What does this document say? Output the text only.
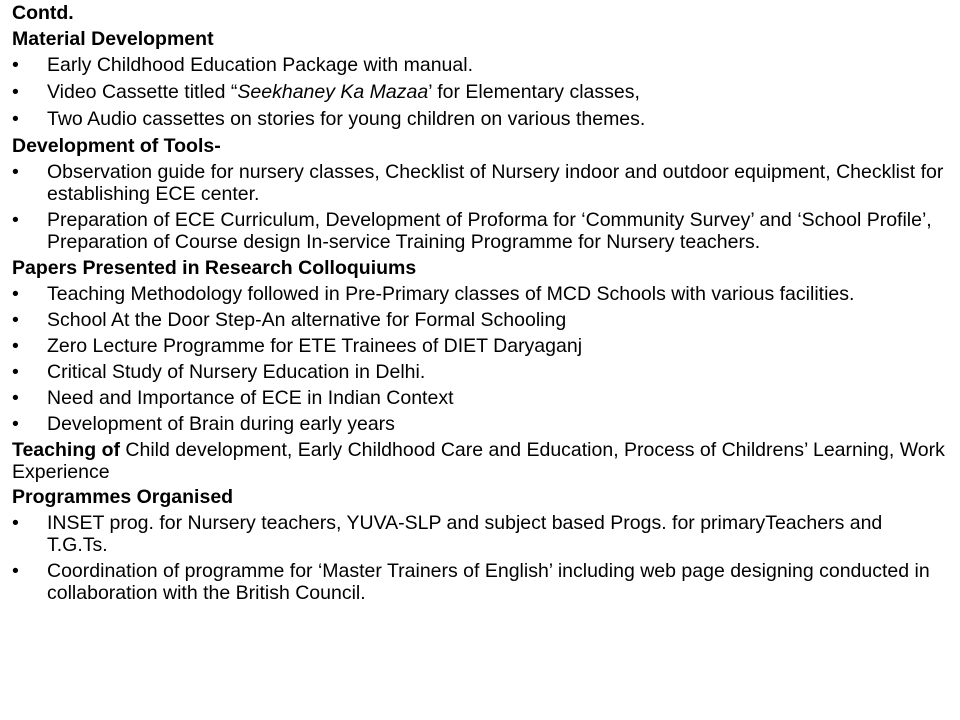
Contd.
Material Development
• Early Childhood Education Package with manual.
• Video Cassette titled “Seekhaney Ka Mazaa’ for Elementary classes,
• Two Audio cassettes on stories for young children on various themes.
Development of Tools-
• Observation guide for nursery classes, Checklist of Nursery indoor and outdoor equipment, Checklist for establishing ECE center.
• Preparation of ECE Curriculum, Development of Proforma for ‘Community Survey’ and ‘School Profile’, Preparation of Course design In-service Training Programme for Nursery teachers.
Papers Presented in Research Colloquiums
• Teaching Methodology followed in Pre-Primary classes of MCD Schools with various facilities.
• School At the Door Step-An alternative for Formal Schooling
• Zero Lecture Programme for ETE Trainees of DIET Daryaganj
• Critical Study of Nursery Education in Delhi.
• Need and Importance of ECE in Indian Context
• Development of Brain during early years
Teaching of Child development, Early Childhood Care and Education, Process of Childrens’ Learning, Work Experience
Programmes Organised
• INSET prog. for Nursery teachers, YUVA-SLP and subject based Progs. for primaryTeachers and T.G.Ts.
• Coordination of programme for ‘Master Trainers of English’ including web page designing conducted in collaboration with the British Council.
